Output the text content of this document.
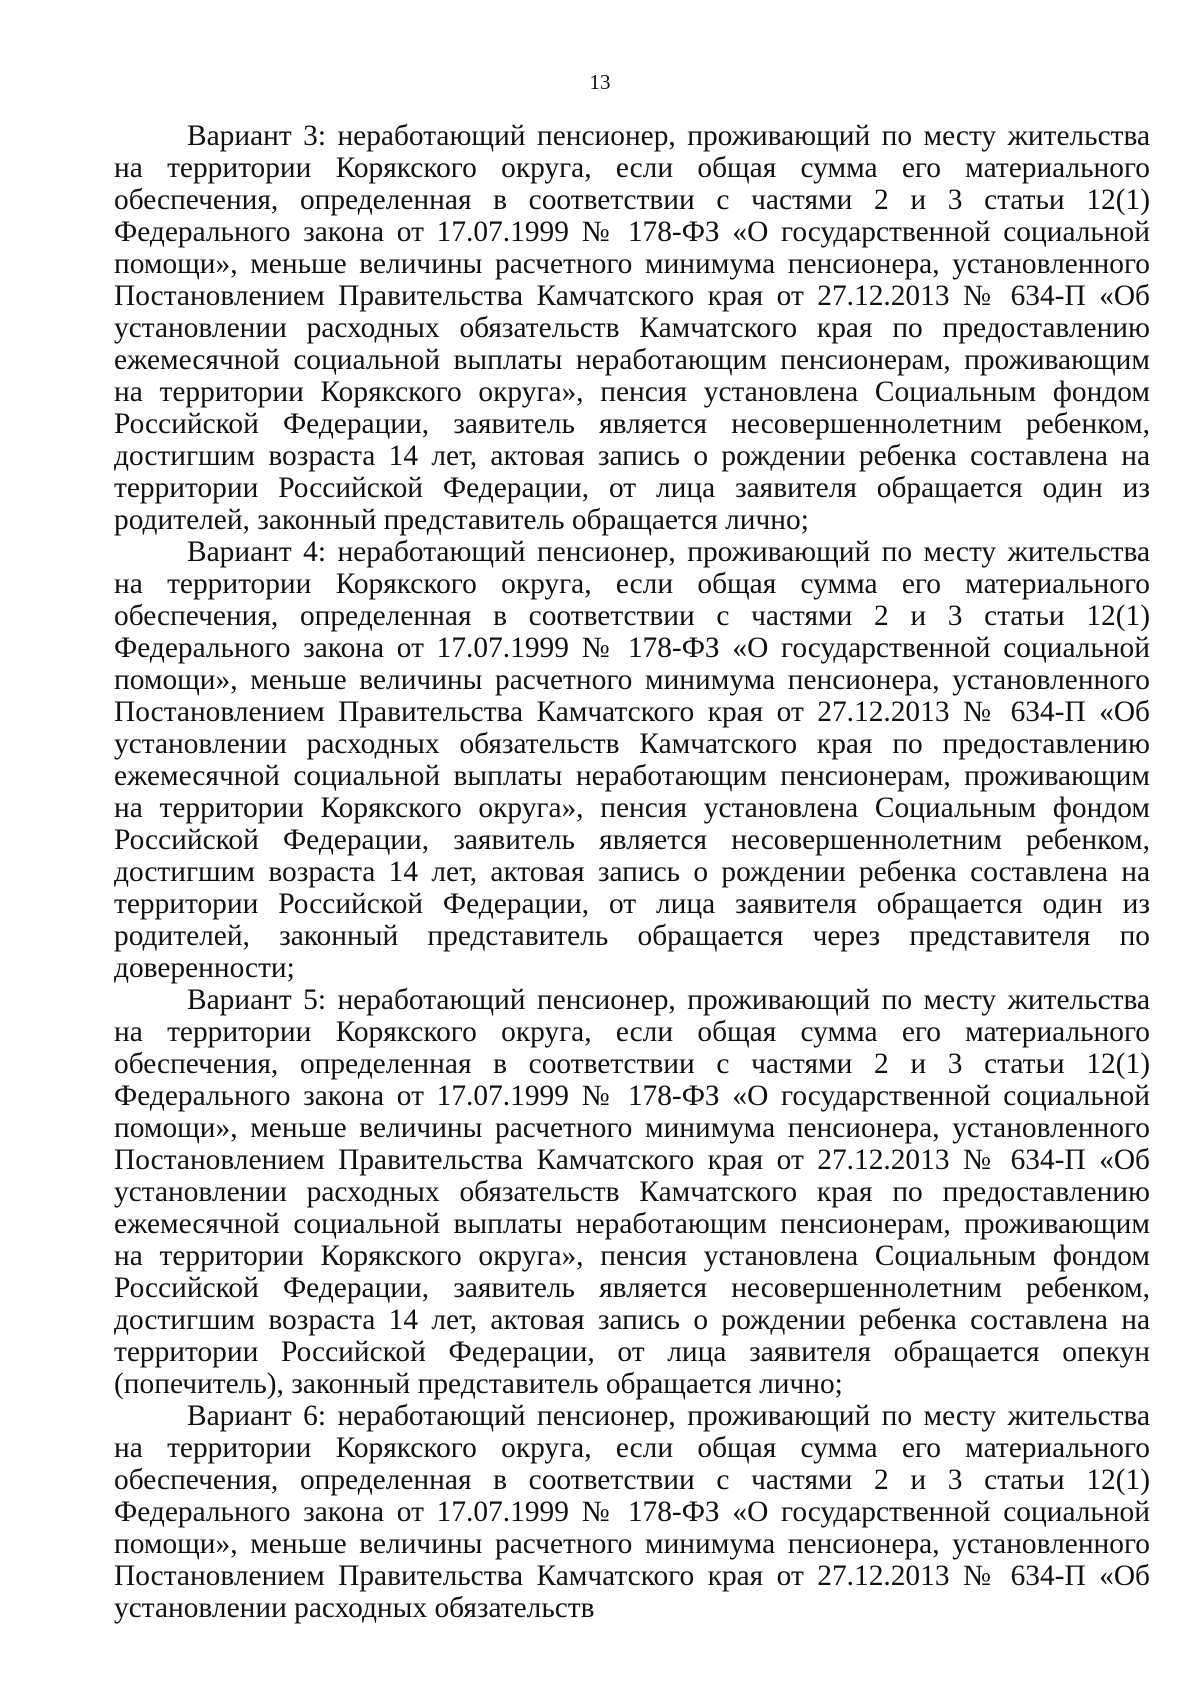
13

Вариант 3: неработающий пенсионер, проживающий по месту жительства на территории Корякского округа, если общая сумма его материального обеспечения, определенная в соответствии с частями 2 и 3 статьи 12(1) Федерального закона от 17.07.1999 № 178-ФЗ «О государственной социальной помощи», меньше величины расчетного минимума пенсионера, установленного Постановлением Правительства Камчатского края от 27.12.2013 № 634-П «Об установлении расходных обязательств Камчатского края по предоставлению ежемесячной социальной выплаты неработающим пенсионерам, проживающим на территории Корякского округа», пенсия установлена Социальным фондом Российской Федерации, заявитель является несовершеннолетним ребенком, достигшим возраста 14 лет, актовая запись о рождении ребенка составлена на территории Российской Федерации, от лица заявителя обращается один из родителей, законный представитель обращается лично;

Вариант 4: неработающий пенсионер, проживающий по месту жительства на территории Корякского округа, если общая сумма его материального обеспечения, определенная в соответствии с частями 2 и 3 статьи 12(1) Федерального закона от 17.07.1999 № 178-ФЗ «О государственной социальной помощи», меньше величины расчетного минимума пенсионера, установленного Постановлением Правительства Камчатского края от 27.12.2013 № 634-П «Об установлении расходных обязательств Камчатского края по предоставлению ежемесячной социальной выплаты неработающим пенсионерам, проживающим на территории Корякского округа», пенсия установлена Социальным фондом Российской Федерации, заявитель является несовершеннолетним ребенком, достигшим возраста 14 лет, актовая запись о рождении ребенка составлена на территории Российской Федерации, от лица заявителя обращается один из родителей, законный представитель обращается через представителя по доверенности;

Вариант 5: неработающий пенсионер, проживающий по месту жительства на территории Корякского округа, если общая сумма его материального обеспечения, определенная в соответствии с частями 2 и 3 статьи 12(1) Федерального закона от 17.07.1999 № 178-ФЗ «О государственной социальной помощи», меньше величины расчетного минимума пенсионера, установленного Постановлением Правительства Камчатского края от 27.12.2013 № 634-П «Об установлении расходных обязательств Камчатского края по предоставлению ежемесячной социальной выплаты неработающим пенсионерам, проживающим на территории Корякского округа», пенсия установлена Социальным фондом Российской Федерации, заявитель является несовершеннолетним ребенком, достигшим возраста 14 лет, актовая запись о рождении ребенка составлена на территории Российской Федерации, от лица заявителя обращается опекун (попечитель), законный представитель обращается лично;

Вариант 6: неработающий пенсионер, проживающий по месту жительства на территории Корякского округа, если общая сумма его материального обеспечения, определенная в соответствии с частями 2 и 3 статьи 12(1) Федерального закона от 17.07.1999 № 178-ФЗ «О государственной социальной помощи», меньше величины расчетного минимума пенсионера, установленного Постановлением Правительства Камчатского края от 27.12.2013 № 634-П «Об установлении расходных обязательств
